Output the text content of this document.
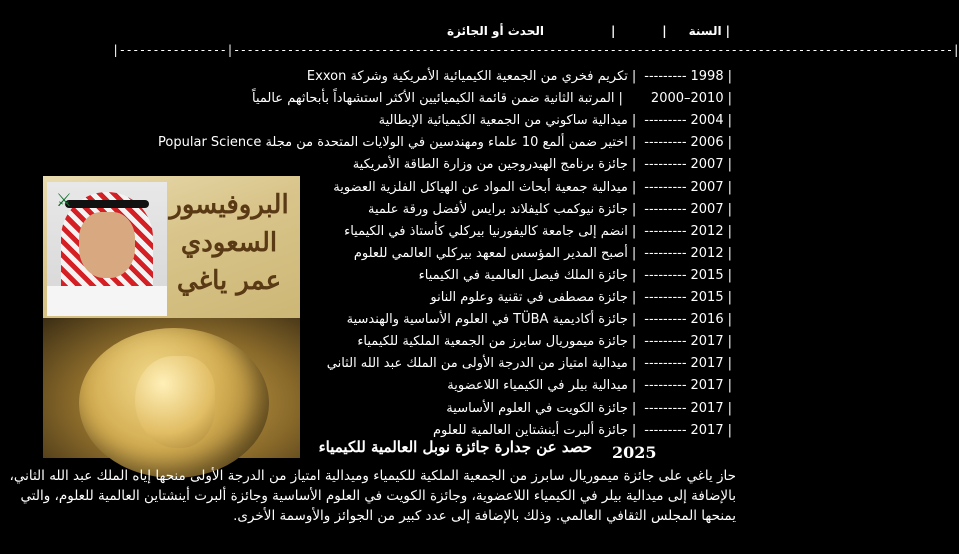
|السنة|
الحدث أو الجائزة	|
|----------------|-----------------------------------------------------------------------------------------------------------|
|1998---------|تكريم فخري من الجمعية الكيميائية الأمريكية وشركة Exxon
|2010–2000|المرتبة الثانية ضمن قائمة الكيميائيين الأكثر استشهاداً بأبحاثهم عالمياً
|2004---------|ميدالية ساكوني من الجمعية الكيميائية الإيطالية
|2006---------|اختير ضمن ألمع 10 علماء ومهندسين في الولايات المتحدة من مجلة Popular Science
|2007---------|جائزة برنامج الهيدروجين من وزارة الطاقة الأمريكية
|2007---------|ميدالية جمعية أبحاث المواد عن الهياكل الفلزية العضوية
|2007---------|جائزة نيوكمب كليفلاند برايس لأفضل ورقة علمية
|2012---------|انضم إلى جامعة كاليفورنيا بيركلي كأستاذ في الكيمياء
|2012---------|أصبح المدير المؤسس لمعهد بيركلي العالمي للعلوم
|2015---------|جائزة الملك فيصل العالمية في الكيمياء
|2015---------|جائزة مصطفى في تقنية وعلوم النانو
|2016---------|جائزة أكاديمية TÜBA في العلوم الأساسية والهندسية
|2017---------|جائزة ميموريال سابرز من الجمعية الملكية للكيمياء
|2017---------|ميدالية امتياز من الدرجة الأولى من الملك عبد الله الثاني
|2017---------|ميدالية بيلر في الكيمياء اللاعضوية
|2017---------|جائزة الكويت في العلوم الأساسية
|2017---------|جائزة ألبرت أينشتاين العالمية للعلوم
⚔	البروفيسور
السعودي
عمر ياغي
2025
حصد عن جدارة جائزة نوبل العالمية للكيمياء
حاز ياغي على جائزة ميموريال سابرز من الجمعية الملكية للكيمياء وميدالية امتياز من الدرجة الأولى منحها إياه الملك عبد الله الثاني، بالإضافة إلى ميدالية بيلر في الكيمياء اللاعضوية، وجائزة الكويت في العلوم الأساسية وجائزة ألبرت أينشتاين العالمية للعلوم، والتي يمنحها المجلس الثقافي العالمي. وذلك بالإضافة إلى عدد كبير من الجوائز والأوسمة الأخرى.
